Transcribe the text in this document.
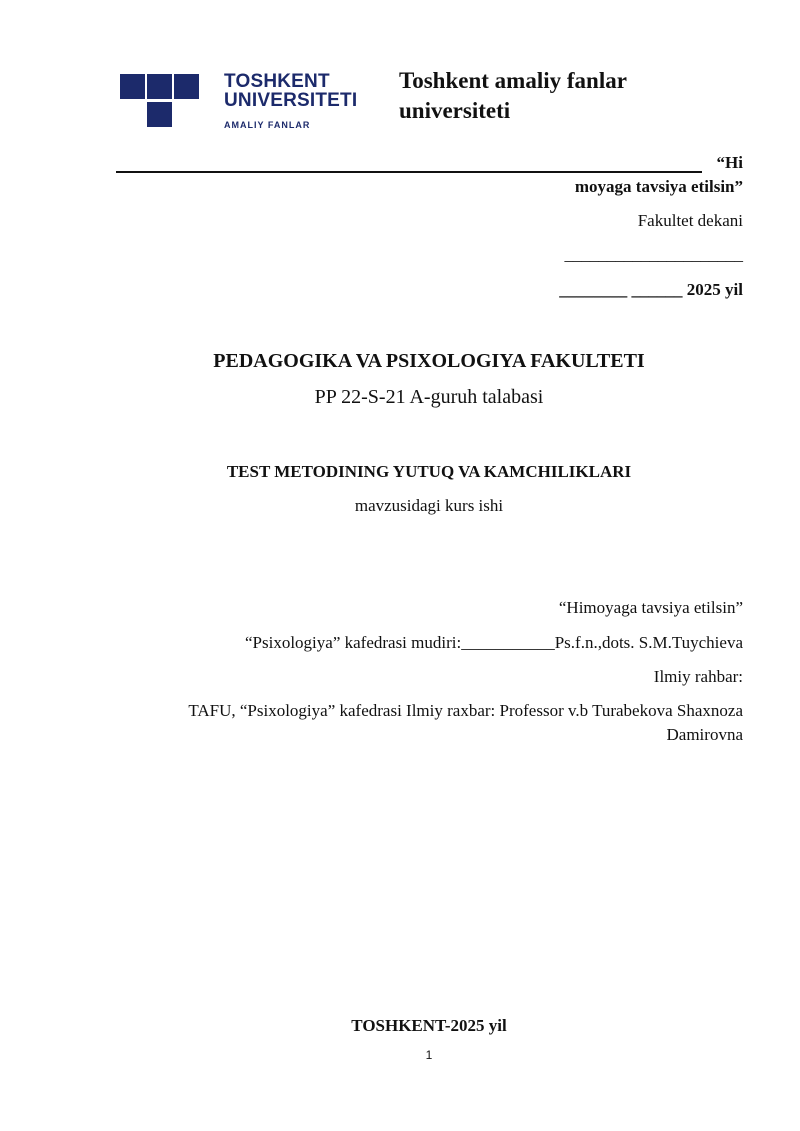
TOSHKENT
UNIVERSITETI
AMALIY FANLAR
Toshkent amaliy fanlar universiteti
“Hi
moyaga tavsiya etilsin”
Fakultet dekani
_____________________
________ ______ 2025 yil
PEDAGOGIKA VA PSIXOLOGIYA FAKULTETI
PP 22-S-21 A-guruh talabasi
TEST METODINING YUTUQ VA KAMCHILIKLARI
mavzusidagi kurs ishi
“Himoyaga tavsiya etilsin”
“Psixologiya” kafedrasi mudiri:___________Ps.f.n.,dots. S.M.Tuychieva
Ilmiy rahbar:
TAFU, “Psixologiya” kafedrasi Ilmiy raxbar: Professor v.b Turabekova Shaxnoza
Damirovna
TOSHKENT-2025 yil
1
